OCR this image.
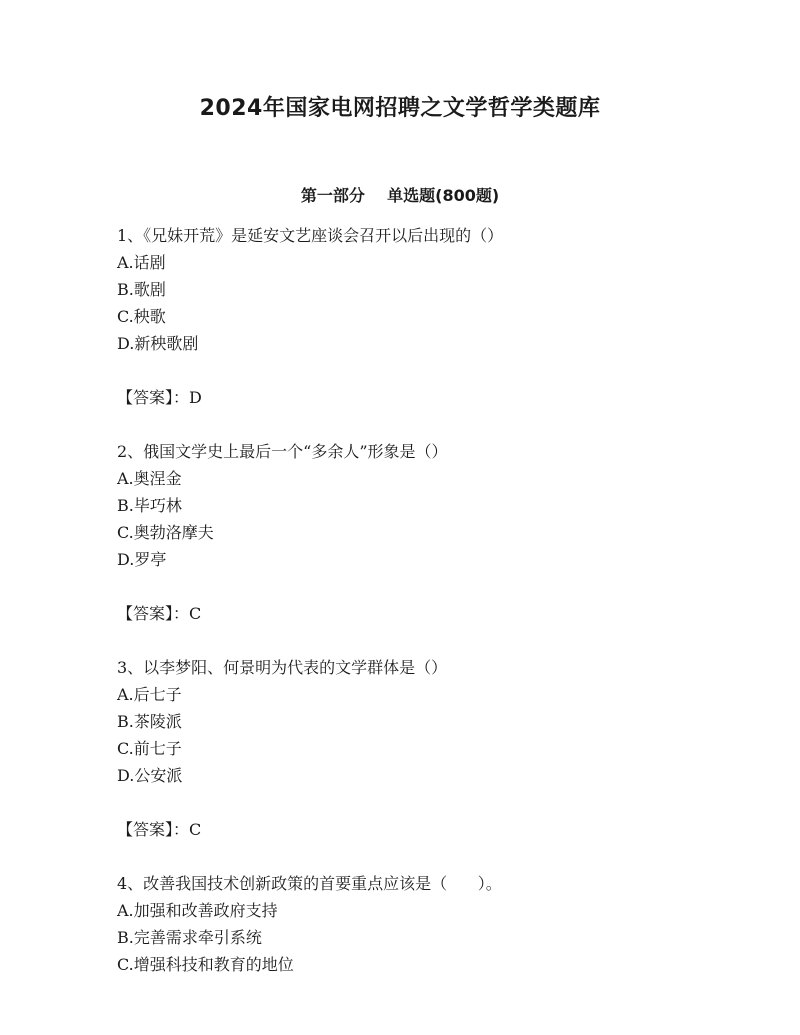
2024年国家电网招聘之文学哲学类题库
第一部分    单选题(800题)
1、《兄妹开荒》是延安文艺座谈会召开以后出现的（）
A.话剧
B.歌剧
C.秧歌
D.新秧歌剧
【答案】：D
2、俄国文学史上最后一个“多余人”形象是（）
A.奥涅金
B.毕巧林
C.奥勃洛摩夫
D.罗亭
【答案】：C
3、以李梦阳、何景明为代表的文学群体是（）
A.后七子
B.茶陵派
C.前七子
D.公安派
【答案】：C
4、改善我国技术创新政策的首要重点应该是（      ）。
A.加强和改善政府支持
B.完善需求牵引系统
C.增强科技和教育的地位
